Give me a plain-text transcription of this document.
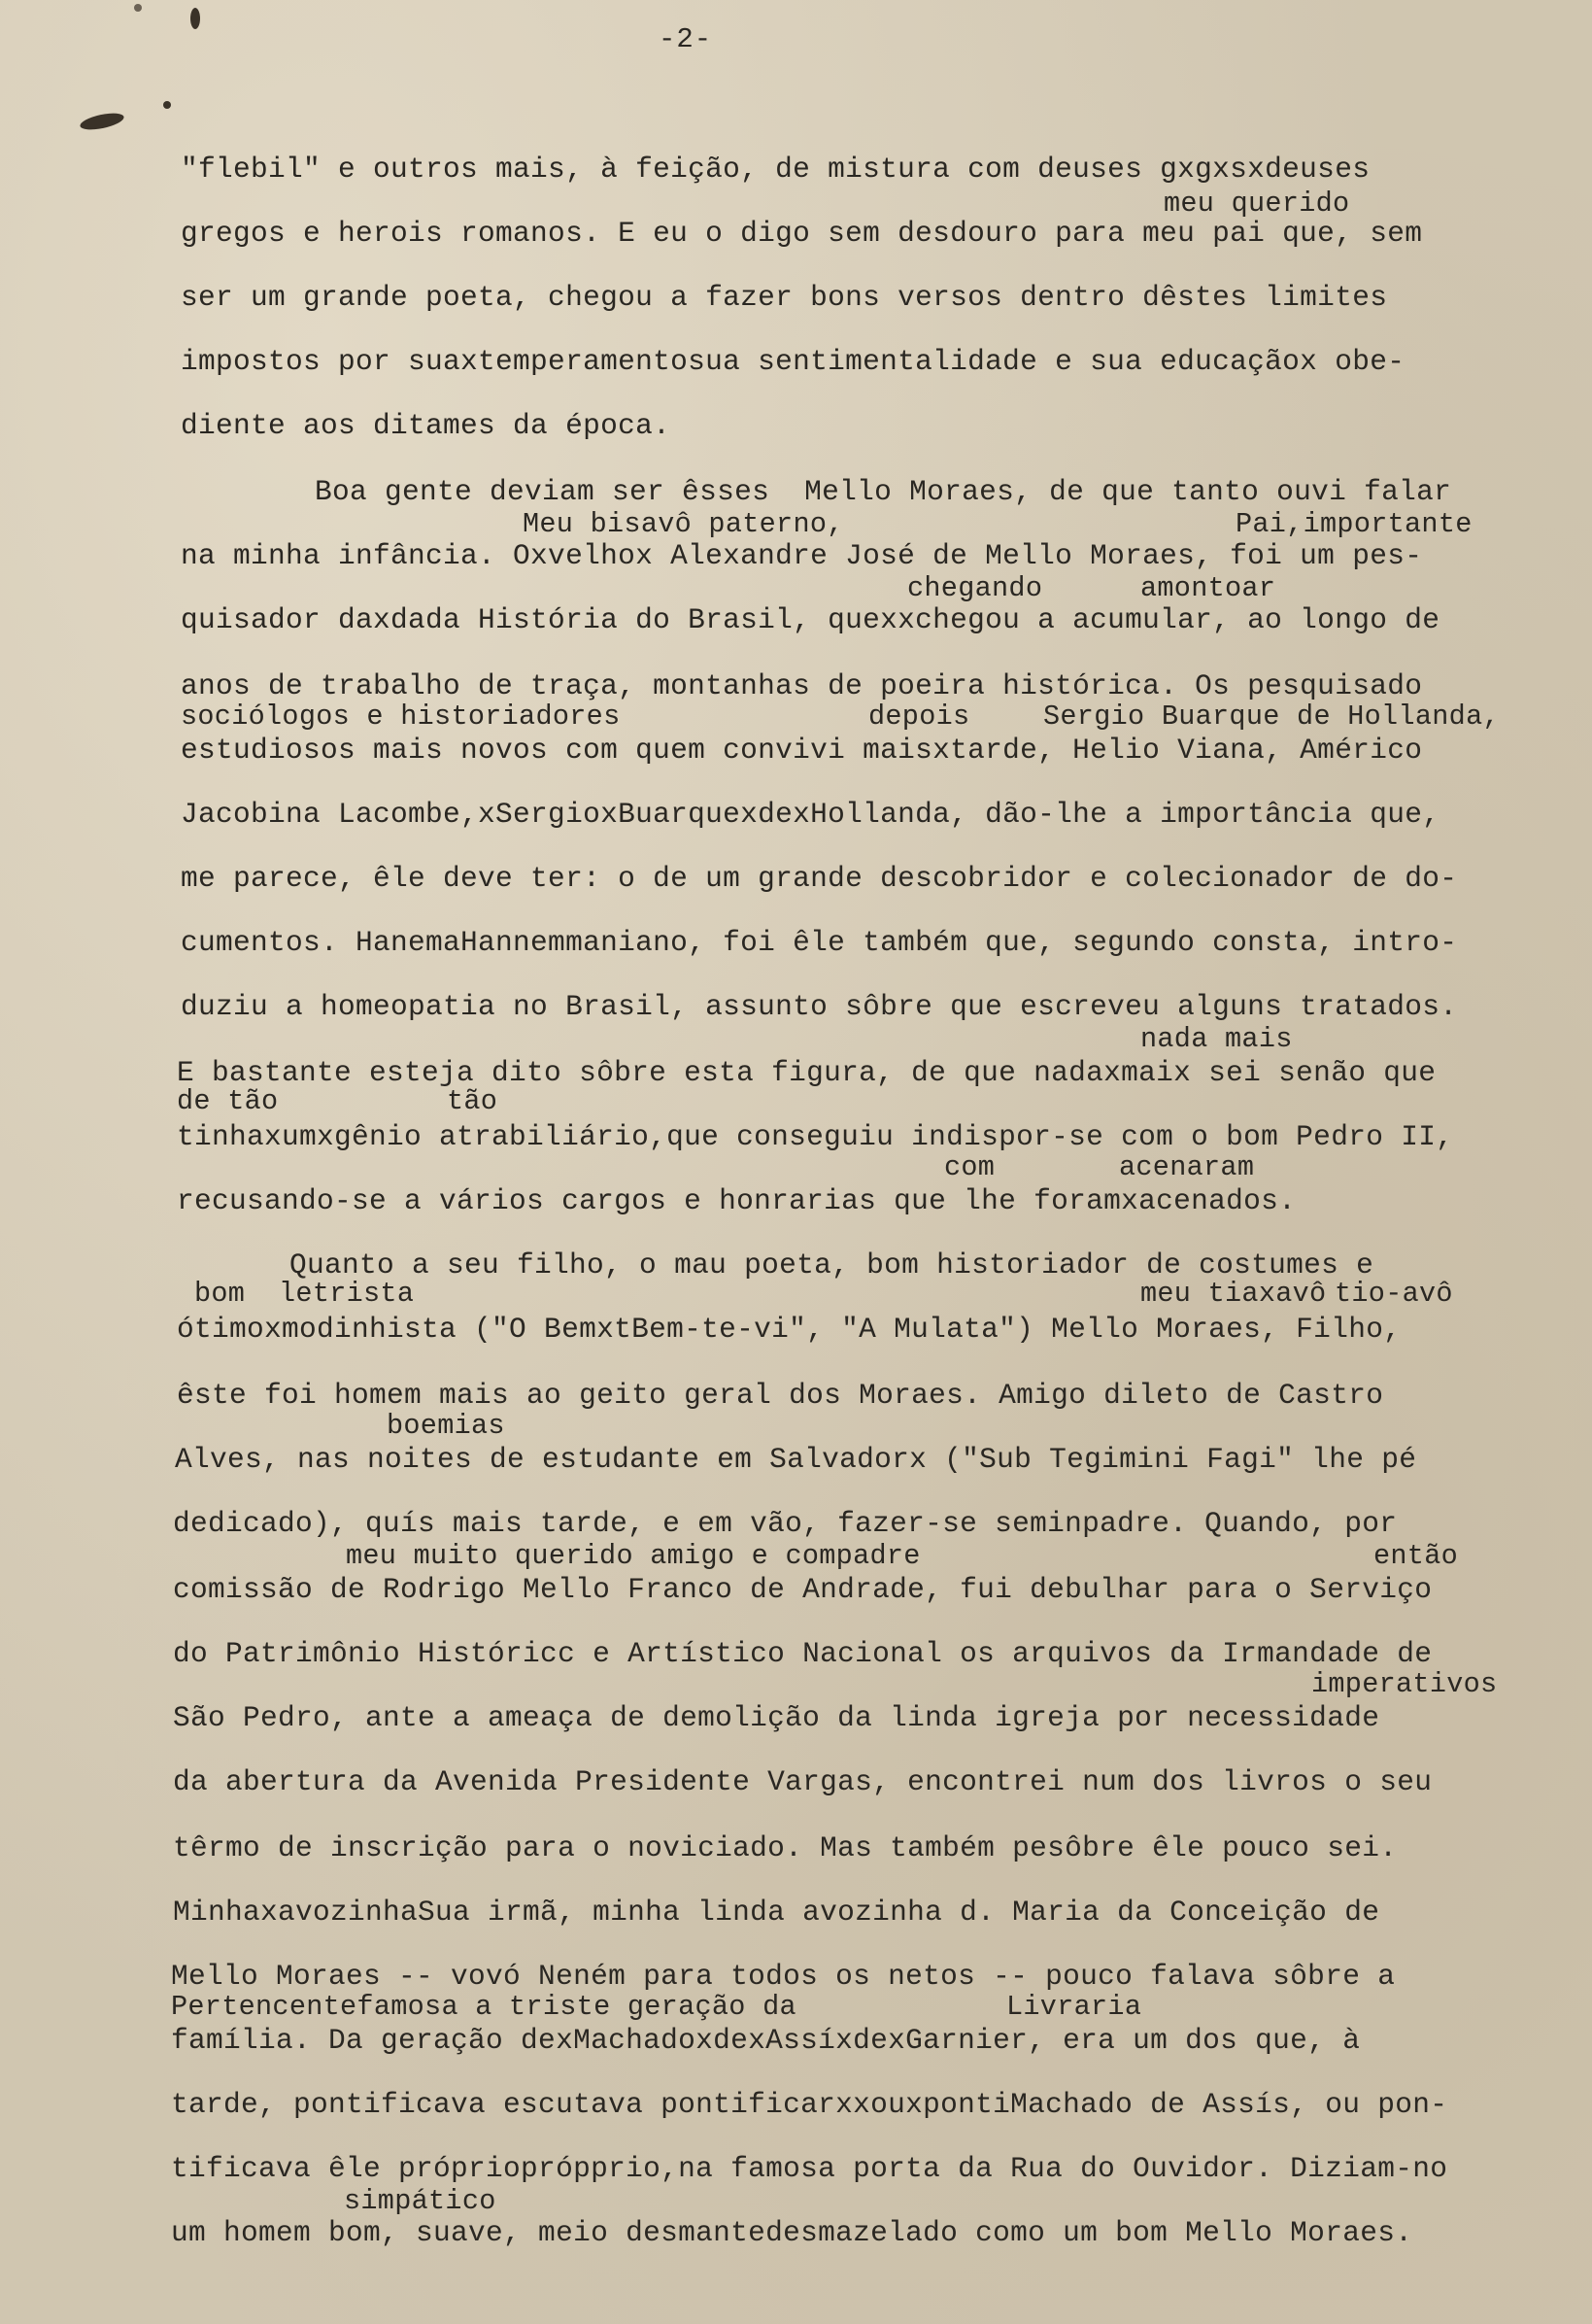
-2-
"flebil" e outros mais, à feição, de mistura com deuses gxgxsxdeuses
meu querido
gregos e herois romanos. E eu o digo sem desdouro para meu pai que, sem
ser um grande poeta, chegou a fazer bons versos dentro dêstes limites
impostos por suaxtemperamentosua sentimentalidade e sua educaçãox obe-
diente aos ditames da época.
Boa gente deviam ser êsses  Mello Moraes, de que tanto ouvi falar
Meu bisavô paterno,	Pai,importante
na minha infância. Oxvelhox Alexandre José de Mello Moraes, foi um pes-
chegando	amontoar
quisador daxdada História do Brasil, quexxchegou a acumular, ao longo de
anos de trabalho de traça, montanhas de poeira histórica. Os pesquisado
sociólogos e historiadores	depois	Sergio Buarque de Hollanda,
estudiosos mais novos com quem convivi maisxtarde, Helio Viana, Américo
Jacobina Lacombe,xSergioxBuarquexdexHollanda, dão-lhe a importância que,
me parece, êle deve ter: o de um grande descobridor e colecionador de do-
cumentos. HanemaHannemmaniano, foi êle também que, segundo consta, intro-
duziu a homeopatia no Brasil, assunto sôbre que escreveu alguns tratados.
nada mais
E bastante esteja dito sôbre esta figura, de que nadaxmaix sei senão que
de tão	tão
tinhaxumxgênio atrabiliário,que conseguiu indispor-se com o bom Pedro II,
com	acenaram
recusando-se a vários cargos e honrarias que lhe foramxacenados.
Quanto a seu filho, o mau poeta, bom historiador de costumes e
bom  letrista	meu tiaxavô tio-avô
ótimoxmodinhista ("O BemxtBem-te-vi", "A Mulata") Mello Moraes, Filho,
êste foi homem mais ao geito geral dos Moraes. Amigo dileto de Castro
boemias
Alves, nas noites de estudante em Salvadorx ("Sub Tegimini Fagi" lhe pé
dedicado), quís mais tarde, e em vão, fazer-se seminpadre. Quando, por
meu muito querido amigo e compadre	então
comissão de Rodrigo Mello Franco de Andrade, fui debulhar para o Serviço
do Patrimônio Históricc e Artístico Nacional os arquivos da Irmandade de
imperativos
São Pedro, ante a ameaça de demolição da linda igreja por necessidade
da abertura da Avenida Presidente Vargas, encontrei num dos livros o seu
têrmo de inscrição para o noviciado. Mas também pesôbre êle pouco sei.
MinhaxavozinhaSua irmã, minha linda avozinha d. Maria da Conceição de
Mello Moraes -- vovó Neném para todos os netos -- pouco falava sôbre a
Pertencentefamosa a triste geração da	Livraria
família. Da geração dexMachadoxdexAssíxdexGarnier, era um dos que, à
tarde, pontificava escutava pontificarxxouxpontiMachado de Assís, ou pon-
tificava êle próprioprópprio,na famosa porta da Rua do Ouvidor. Diziam-no
simpático
um homem bom, suave, meio desmantedesmazelado como um bom Mello Moraes.
